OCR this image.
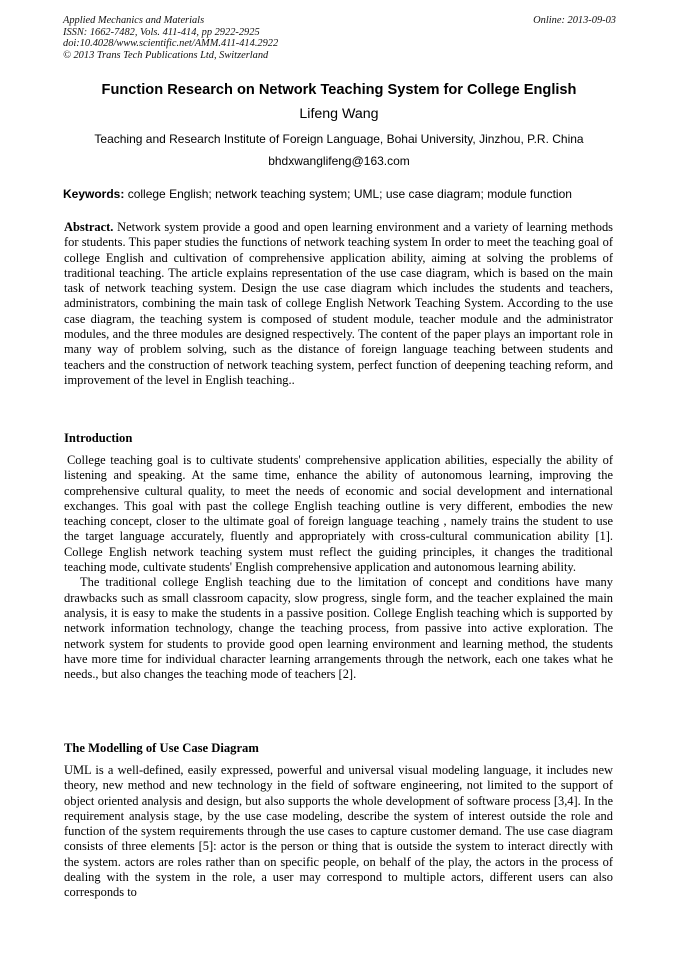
Applied Mechanics and Materials	Online: 2013-09-03
ISSN: 1662-7482, Vols. 411-414, pp 2922-2925
doi:10.4028/www.scientific.net/AMM.411-414.2922
© 2013 Trans Tech Publications Ltd, Switzerland
Function Research on Network Teaching System for College English
Lifeng Wang
Teaching and Research Institute of Foreign Language, Bohai University, Jinzhou, P.R. China
bhdxwanglifeng@163.com
Keywords: college English; network teaching system; UML; use case diagram; module function

Abstract. Network system provide a good and open learning environment and a variety of learning methods for students. This paper studies the functions of network teaching system In order to meet the teaching goal of college English and cultivation of comprehensive application ability, aiming at solving the problems of traditional teaching. The article explains representation of the use case diagram, which is based on the main task of network teaching system. Design the use case diagram which includes the students and teachers, administrators, combining the main task of college English Network Teaching System. According to the use case diagram, the teaching system is composed of student module, teacher module and the administrator modules, and the three modules are designed respectively. The content of the paper plays an important role in many way of problem solving, such as the distance of foreign language teaching between students and teachers and the construction of network teaching system, perfect function of deepening teaching reform, and improvement of the level in English teaching..

Introduction

College teaching goal is to cultivate students' comprehensive application abilities, especially the ability of listening and speaking. At the same time, enhance the ability of autonomous learning, improving the comprehensive cultural quality, to meet the needs of economic and social development and international exchanges. This goal with past the college English teaching outline is very different, embodies the new teaching concept, closer to the ultimate goal of foreign language teaching , namely trains the student to use the target language accurately, fluently and appropriately with cross-cultural communication ability [1]. College English network teaching system must reflect the guiding principles, it changes the traditional teaching mode, cultivate students' English comprehensive application and autonomous learning ability.

The traditional college English teaching due to the limitation of concept and conditions have many drawbacks such as small classroom capacity, slow progress, single form, and the teacher explained the main analysis, it is easy to make the students in a passive position. College English teaching which is supported by network information technology, change the teaching process, from passive into active exploration. The network system for students to provide good open learning environment and learning method, the students have more time for individual character learning arrangements through the network, each one takes what he needs., but also changes the teaching mode of teachers [2].

The Modelling of Use Case Diagram

UML is a well-defined, easily expressed, powerful and universal visual modeling language, it includes new theory, new method and new technology in the field of software engineering, not limited to the support of object oriented analysis and design, but also supports the whole development of software process [3,4]. In the requirement analysis stage, by the use case modeling, describe the system of interest outside the role and function of the system requirements through the use cases to capture customer demand. The use case diagram consists of three elements [5]: actor is the person or thing that is outside the system to interact directly with the system. actors are roles rather than on specific people, on behalf of the play, the actors in the process of dealing with the system in the role, a user may correspond to multiple actors, different users can also corresponds to
